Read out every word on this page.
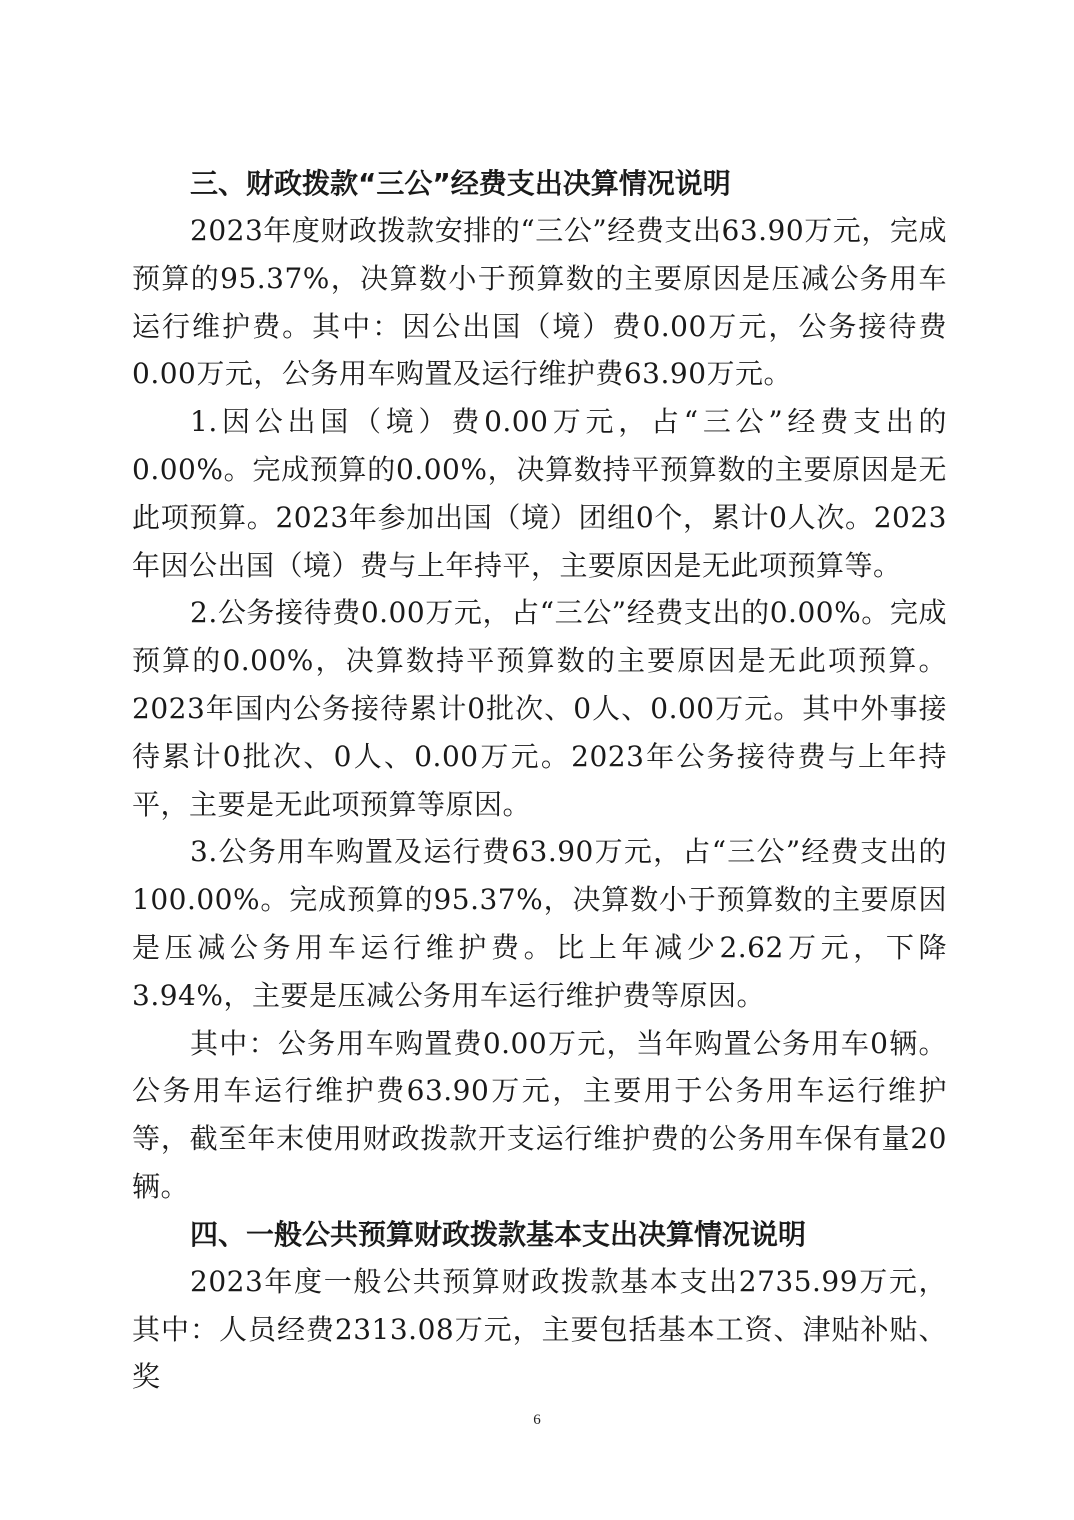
三、财政拨款“三公”经费支出决算情况说明

2023年度财政拨款安排的“三公”经费支出63.90万元，完成预算的95.37%，决算数小于预算数的主要原因是压减公务用车运行维护费。其中：因公出国（境）费0.00万元，公务接待费0.00万元，公务用车购置及运行维护费63.90万元。

1.因公出国（境）费0.00万元，占“三公”经费支出的0.00%。完成预算的0.00%，决算数持平预算数的主要原因是无此项预算。2023年参加出国（境）团组0个，累计0人次。2023年因公出国（境）费与上年持平，主要原因是无此项预算等。

2.公务接待费0.00万元，占“三公”经费支出的0.00%。完成预算的0.00%，决算数持平预算数的主要原因是无此项预算。2023年国内公务接待累计0批次、0人、0.00万元。其中外事接待累计0批次、0人、0.00万元。2023年公务接待费与上年持平，主要是无此项预算等原因。

3.公务用车购置及运行费63.90万元，占“三公”经费支出的100.00%。完成预算的95.37%，决算数小于预算数的主要原因是压减公务用车运行维护费。比上年减少2.62万元，下降3.94%，主要是压减公务用车运行维护费等原因。

其中：公务用车购置费0.00万元，当年购置公务用车0辆。公务用车运行维护费63.90万元，主要用于公务用车运行维护等，截至年末使用财政拨款开支运行维护费的公务用车保有量20辆。

四、一般公共预算财政拨款基本支出决算情况说明

2023年度一般公共预算财政拨款基本支出2735.99万元，其中：人员经费2313.08万元，主要包括基本工资、津贴补贴、奖

6
